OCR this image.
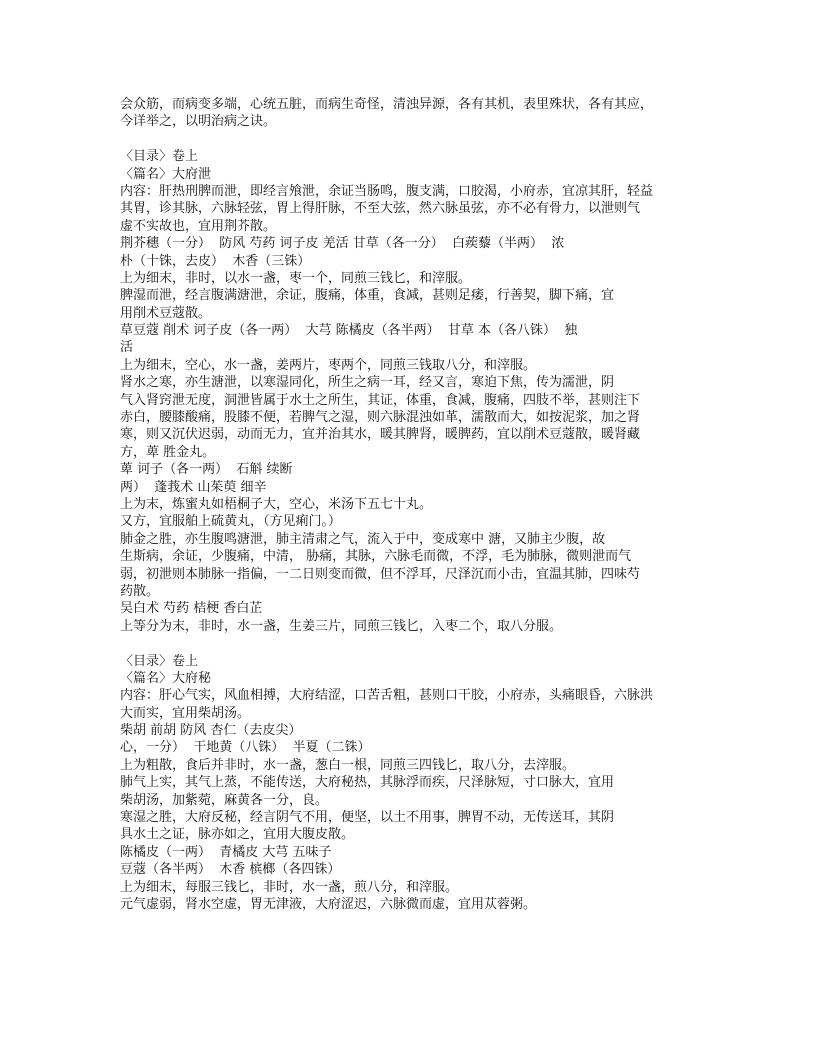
会众筋，而病变多端，心统五脏，而病生奇怪，清浊异源，各有其机，表里殊状，各有其应，
今详举之，以明治病之诀。
〈目录〉卷上
〈篇名〉大府泄
内容：肝热刑脾而泄，即经言飧泄，余证当肠鸣，腹支满，口胶渴，小府赤，宜凉其肝，轻益
其胃，诊其脉，六脉轻弦，胃上得肝脉，不至大弦，然六脉虽弦，亦不必有骨力，以泄则气
虚不实故也，宜用荆芥散。
荆芥穗（一分）  防风 芍药 诃子皮 羌活 甘草（各一分）  白蒺藜（半两）  浓
朴（十铢，去皮）  木香（三铢）
上为细末，非时，以水一盏，枣一个，同煎三钱匕，和滓服。
脾湿而泄，经言腹满溏泄，余证，腹痛，体重，食减，甚则足痿，行善契，脚下痛，宜
用削术豆蔻散。
草豆蔻 削术 诃子皮（各一两）  大芎 陈橘皮（各半两）  甘草 本（各八铢）  独
活
上为细末，空心，水一盏，姜两片，枣两个，同煎三钱取八分，和滓服。
肾水之寒，亦生溏泄，以寒湿同化，所生之病一耳，经又言，寒迫下焦，传为濡泄，阴
气入肾窍泄无度，洞泄皆属于水土之所生，其证，体重，食减，腹痛，四肢不举，甚则注下
赤白，腰膝酸痛，股膝不便，若脾气之湿，则六脉混浊如革，濡散而大，如按泥浆，加之肾
寒，则又沉伏迟弱，动而无力，宜并治其水，暖其脾肾，暖脾药，宜以削术豆蔻散，暖肾藏
方，萆 胜金丸。
萆 诃子（各一两）  石斛 续断
两）  蓬莪术 山茱萸 细辛
上为末，炼蜜丸如梧桐子大，空心，米汤下五七十丸。
又方，宜服舶上硫黄丸，（方见痢门。）
肺金之胜，亦生腹鸣溏泄，肺主清肃之气，流入于中，变成寒中 溏，又肺主少腹，故
生斯病，余证，少腹痛，中清， 胁痛，其脉，六脉毛而微，不浮，毛为肺脉，微则泄而气
弱，初泄则本肺脉一指偏，一二日则变而微，但不浮耳，尺泽沉而小击，宜温其肺，四味芍
药散。
吴白术 芍药 桔梗 香白芷
上等分为末，非时，水一盏，生姜三片，同煎三钱匕，入枣二个，取八分服。
〈目录〉卷上
〈篇名〉大府秘
内容：肝心气实，风血相搏，大府结涩，口苦舌粗，甚则口干胶，小府赤，头痛眼昏，六脉洪
大而实，宜用柴胡汤。
柴胡 前胡 防风 杏仁（去皮尖）
心，一分）  干地黄（八铢）  半夏（二铢）
上为粗散，食后并非时，水一盏，葱白一根，同煎三四钱匕，取八分，去滓服。
肺气上实，其气上蒸，不能传送，大府秘热，其脉浮而疾，尺泽脉短，寸口脉大，宜用
柴胡汤，加紫菀，麻黄各一分，良。
寒湿之胜，大府反秘，经言阴气不用，便坚，以土不用事，脾胃不动，无传送耳，其阴
具水土之证，脉亦如之，宜用大腹皮散。
陈橘皮（一两）  青橘皮 大芎 五味子
豆蔻（各半两）  木香 槟榔（各四铢）
上为细末，每服三钱匕，非时，水一盏，煎八分，和滓服。
元气虚弱，肾水空虚，胃无津液，大府涩迟，六脉微而虚，宜用苁蓉粥。
